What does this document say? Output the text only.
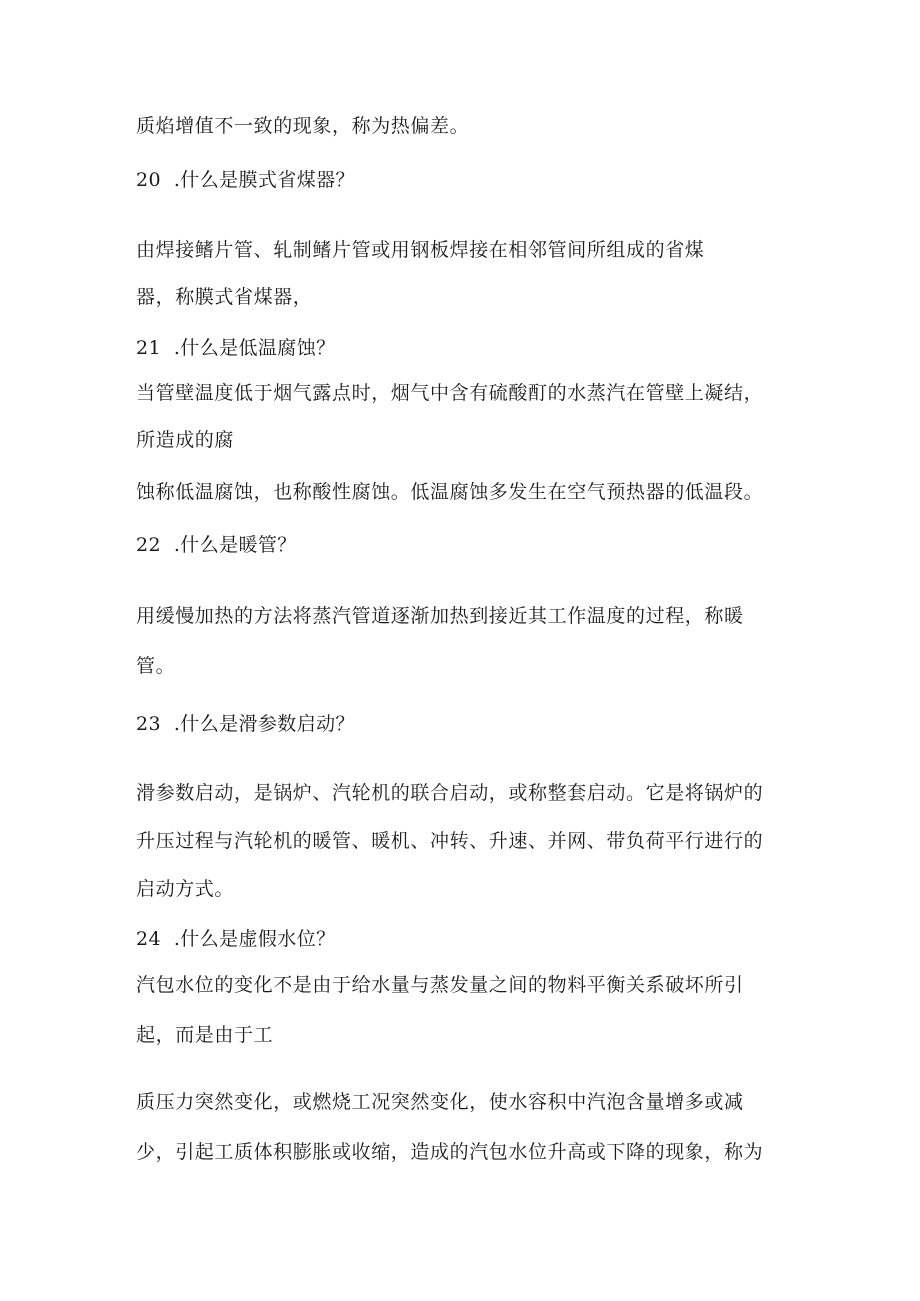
质焰增值不一致的现象，称为热偏差。
20  .什么是膜式省煤器？
由焊接鳍片管、轧制鳍片管或用钢板焊接在相邻管间所组成的省煤
器，称膜式省煤器，
21  .什么是低温腐蚀？
当管壁温度低于烟气露点时，烟气中含有硫酸酊的水蒸汽在管壁上凝结，
所造成的腐
蚀称低温腐蚀，也称酸性腐蚀。低温腐蚀多发生在空气预热器的低温段。
22  .什么是暖管？
用缓慢加热的方法将蒸汽管道逐渐加热到接近其工作温度的过程，称暖
管。
23  .什么是滑参数启动？
滑参数启动，是锅炉、汽轮机的联合启动，或称整套启动。它是将锅炉的
升压过程与汽轮机的暖管、暖机、冲转、升速、并网、带负荷平行进行的
启动方式。
24  .什么是虚假水位？
汽包水位的变化不是由于给水量与蒸发量之间的物料平衡关系破坏所引
起，而是由于工
质压力突然变化，或燃烧工况突然变化，使水容积中汽泡含量增多或减
少，引起工质体积膨胀或收缩，造成的汽包水位升高或下降的现象，称为
